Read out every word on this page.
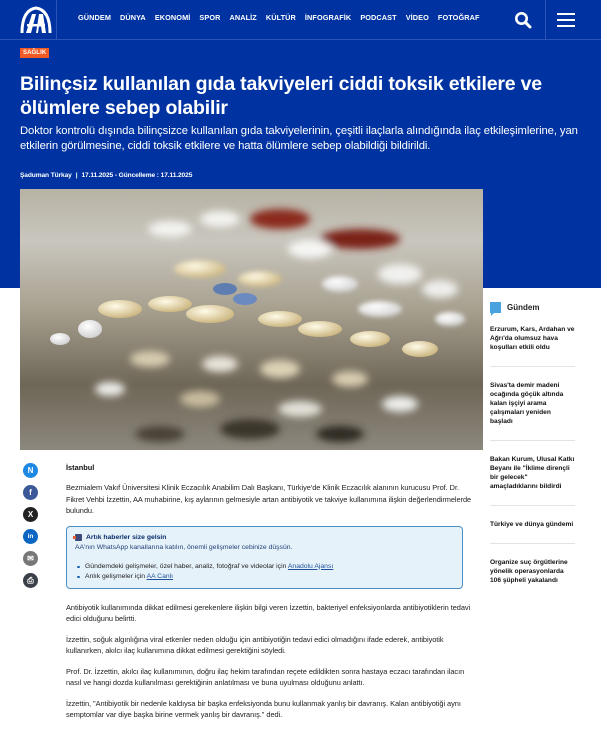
GÜNDEM DÜNYA EKONOMİ SPOR ANALİZ KÜLTÜR İNFOGRAFİK PODCAST VİDEO FOTOĞRAF
SAĞLIK
Bilinçsiz kullanılan gıda takviyeleri ciddi toksik etkilere ve ölümlere sebep olabilir

Doktor kontrolü dışında bilinçsizce kullanılan gıda takviyelerinin, çeşitli ilaçlarla alındığında ilaç etkileşimlerine, yan etkilerin görülmesine, ciddi toksik etkilere ve hatta ölümlere sebep olabildiği bildirildi.

Şaduman Türkay | 17.11.2025 - Güncelleme : 17.11.2025
Gündem
Erzurum, Kars, Ardahan ve Ağrı'da olumsuz hava koşulları etkili oldu
Sivas'ta demir madeni ocağında göçük altında kalan işçiyi arama çalışmaları yeniden başladı
Bakan Kurum, Ulusal Katkı Beyanı ile "İklime dirençli bir gelecek" amaçladıklarını bildirdi
Türkiye ve dünya gündemi
Organize suç örgütlerine yönelik operasyonlarda 106 şüpheli yakalandı
N
f
X
in
✉
⎙
İstanbul

Bezmialem Vakıf Üniversitesi Klinik Eczacılık Anabilim Dalı Başkanı, Türkiye'de Klinik Eczacılık alanının kurucusu Prof. Dr. Fikret Vehbi İzzettin, AA muhabirine, kış aylarının gelmesiyle artan antibiyotik ve takviye kullanımına ilişkin değerlendirmelerde bulundu.

Artık haberler size gelsin
AA'nın WhatsApp kanallarına katılın, önemli gelişmeler cebinize düşsün.
Gündemdeki gelişmeler, özel haber, analiz, fotoğraf ve videolar için Anadolu Ajansı
Anlık gelişmeler için AA Canlı

Antibiyotik kullanımında dikkat edilmesi gerekenlere ilişkin bilgi veren İzzettin, bakteriyel enfeksiyonlarda antibiyotiklerin tedavi edici olduğunu belirtti.

İzzettin, soğuk algınlığına viral etkenler neden olduğu için antibiyotiğin tedavi edici olmadığını ifade ederek, antibiyotik kullanırken, akılcı ilaç kullanımına dikkat edilmesi gerektiğini söyledi.

Prof. Dr. İzzettin, akılcı ilaç kullanımının, doğru ilaç hekim tarafından reçete edildikten sonra hastaya eczacı tarafından ilacın nasıl ve hangi dozda kullanılması gerektiğinin anlatılması ve buna uyulması olduğunu anlattı.

İzzettin, "Antibiyotik bir nedenle kaldıysa bir başka enfeksiyonda bunu kullanmak yanlış bir davranış. Kalan antibiyotiği aynı semptomlar var diye başka birine vermek yanlış bir davranış." dedi.
